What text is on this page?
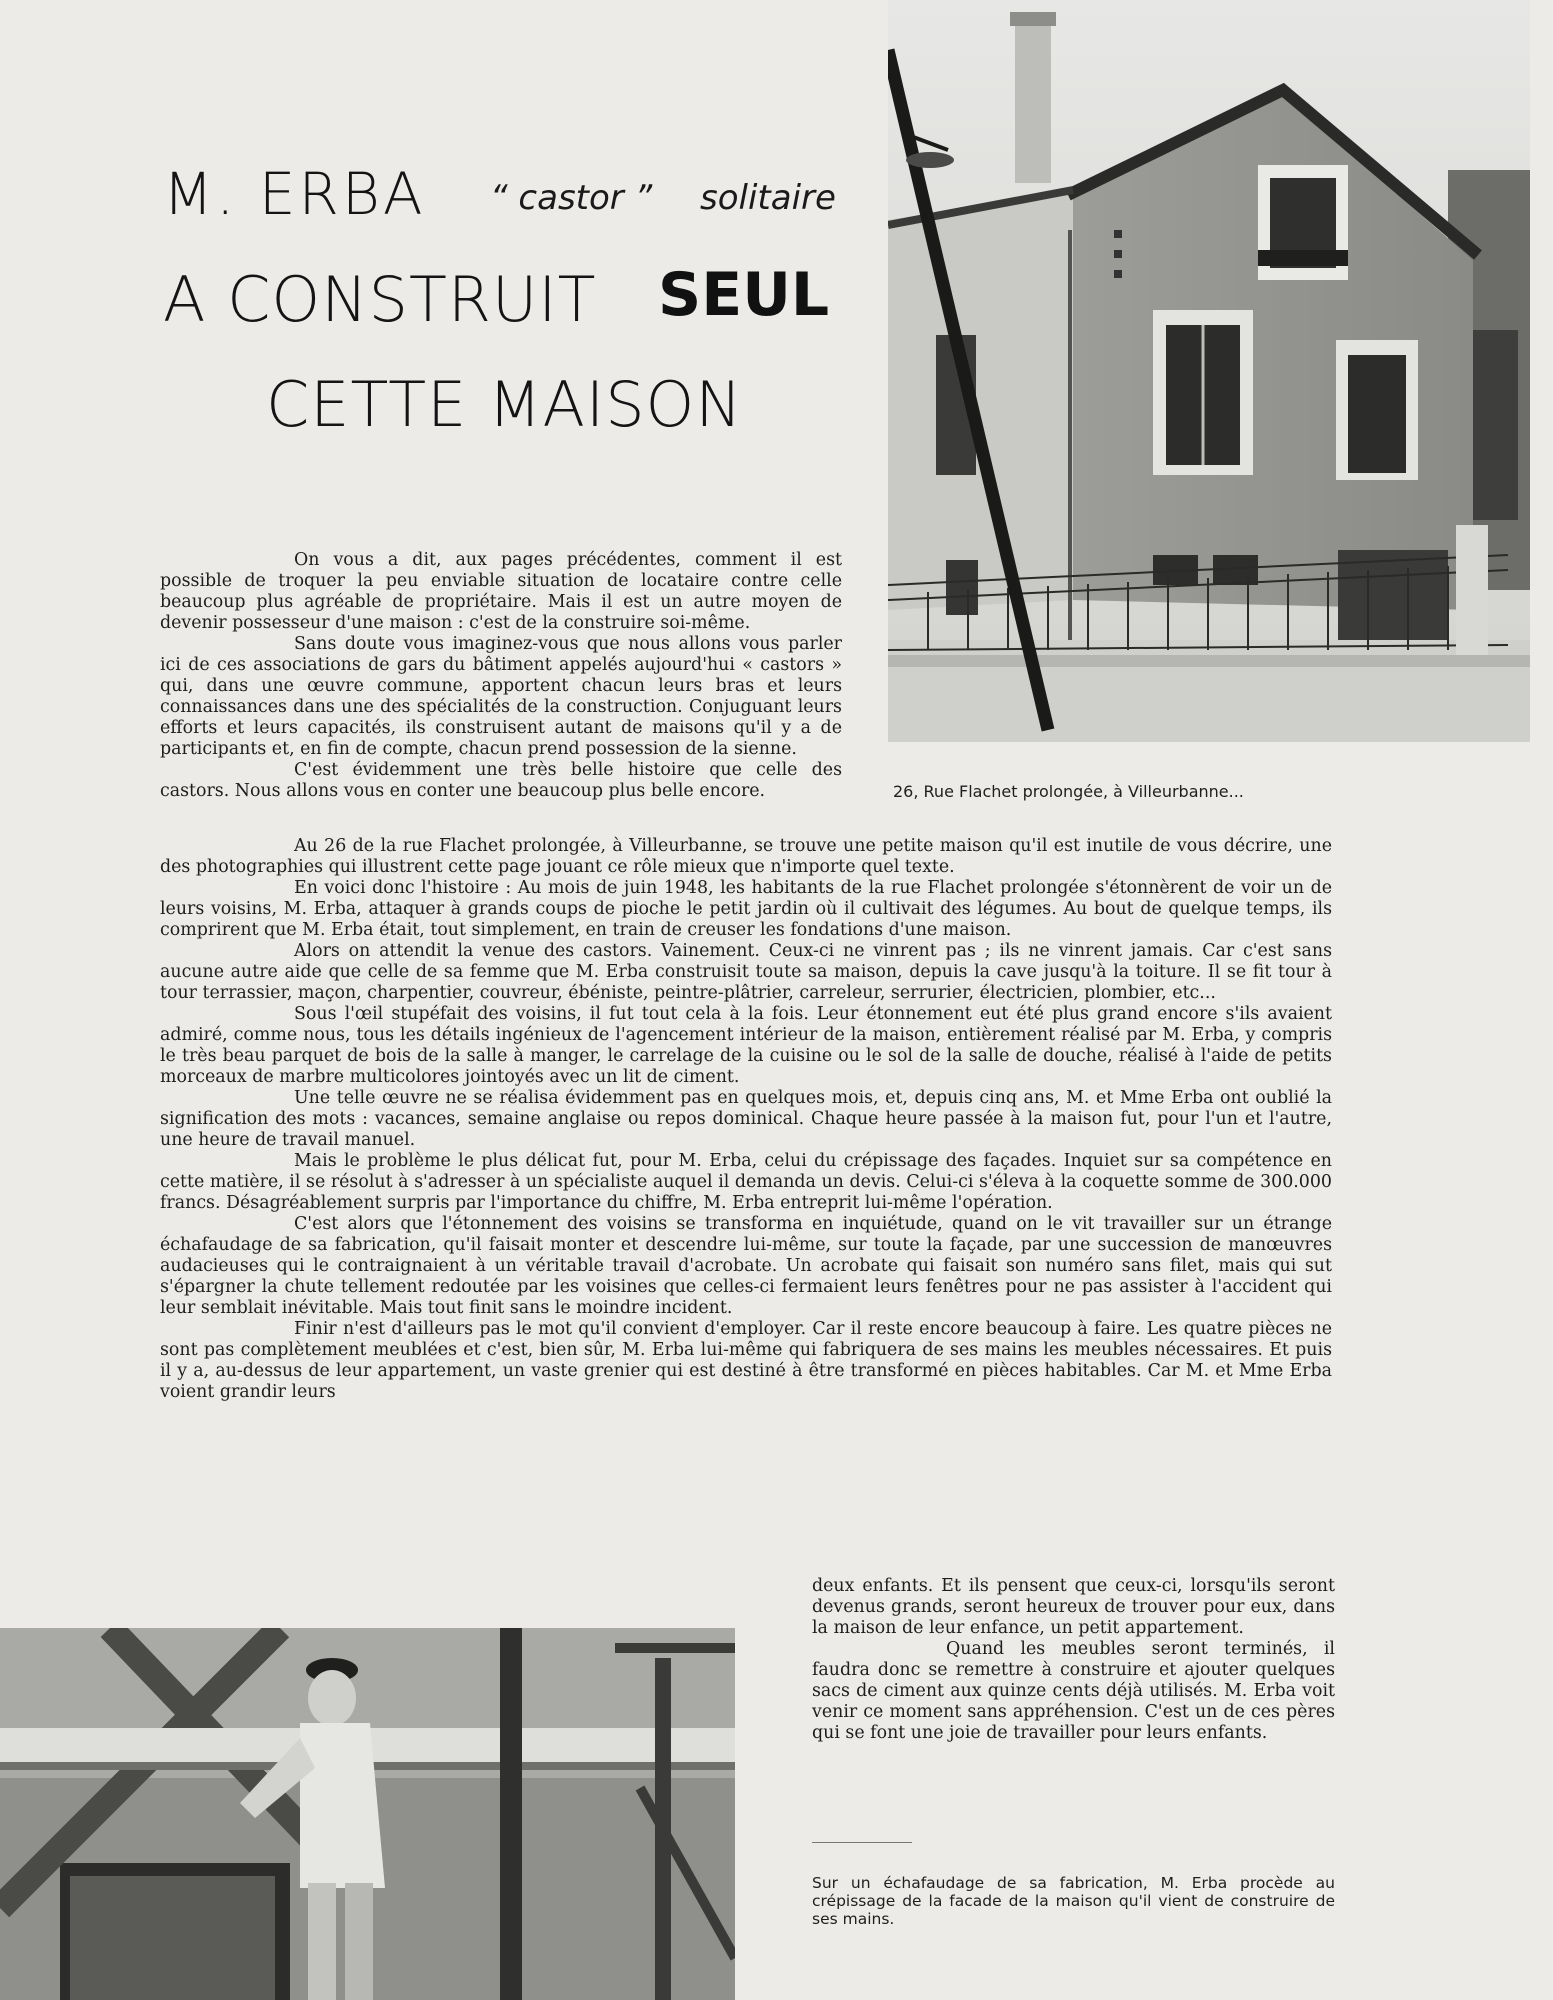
M. ERBA “ castor ” solitaire
A CONSTRUIT SEUL
CETTE MAISON
26, Rue Flachet prolongée, à Villeurbanne...

On vous a dit, aux pages précédentes, comment il est possible de troquer la peu enviable situation de locataire contre celle beaucoup plus agréable de propriétaire. Mais il est un autre moyen de devenir possesseur d'une maison : c'est de la construire soi-même.

Sans doute vous imaginez-vous que nous allons vous parler ici de ces associations de gars du bâtiment appelés aujourd'hui « castors » qui, dans une œuvre commune, apportent chacun leurs bras et leurs connaissances dans une des spécialités de la construction. Conjuguant leurs efforts et leurs capacités, ils construisent autant de maisons qu'il y a de participants et, en fin de compte, chacun prend possession de la sienne.

C'est évidemment une très belle histoire que celle des castors. Nous allons vous en conter une beaucoup plus belle encore.

Au 26 de la rue Flachet prolongée, à Villeurbanne, se trouve une petite maison qu'il est inutile de vous décrire, une des photographies qui illustrent cette page jouant ce rôle mieux que n'importe quel texte.

En voici donc l'histoire : Au mois de juin 1948, les habitants de la rue Flachet prolongée s'étonnèrent de voir un de leurs voisins, M. Erba, attaquer à grands coups de pioche le petit jardin où il cultivait des légumes. Au bout de quelque temps, ils comprirent que M. Erba était, tout simplement, en train de creuser les fondations d'une maison.

Alors on attendit la venue des castors. Vainement. Ceux-ci ne vinrent pas ; ils ne vinrent jamais. Car c'est sans aucune autre aide que celle de sa femme que M. Erba construisit toute sa maison, depuis la cave jusqu'à la toiture. Il se fit tour à tour terrassier, maçon, charpentier, couvreur, ébéniste, peintre-plâtrier, carreleur, serrurier, électricien, plombier, etc...

Sous l'œil stupéfait des voisins, il fut tout cela à la fois. Leur étonnement eut été plus grand encore s'ils avaient admiré, comme nous, tous les détails ingénieux de l'agencement intérieur de la maison, entièrement réalisé par M. Erba, y compris le très beau parquet de bois de la salle à manger, le carrelage de la cuisine ou le sol de la salle de douche, réalisé à l'aide de petits morceaux de marbre multicolores jointoyés avec un lit de ciment.

Une telle œuvre ne se réalisa évidemment pas en quelques mois, et, depuis cinq ans, M. et Mme Erba ont oublié la signification des mots : vacances, semaine anglaise ou repos dominical. Chaque heure passée à la maison fut, pour l'un et l'autre, une heure de travail manuel.

Mais le problème le plus délicat fut, pour M. Erba, celui du crépissage des façades. Inquiet sur sa compétence en cette matière, il se résolut à s'adresser à un spécialiste auquel il demanda un devis. Celui-ci s'éleva à la coquette somme de 300.000 francs. Désagréablement surpris par l'importance du chiffre, M. Erba entreprit lui-même l'opération.

C'est alors que l'étonnement des voisins se transforma en inquiétude, quand on le vit travailler sur un étrange échafaudage de sa fabrication, qu'il faisait monter et descendre lui-même, sur toute la façade, par une succession de manœuvres audacieuses qui le contraignaient à un véritable travail d'acrobate. Un acrobate qui faisait son numéro sans filet, mais qui sut s'épargner la chute tellement redoutée par les voisines que celles-ci fermaient leurs fenêtres pour ne pas assister à l'accident qui leur semblait inévitable. Mais tout finit sans le moindre incident.

Finir n'est d'ailleurs pas le mot qu'il convient d'employer. Car il reste encore beaucoup à faire. Les quatre pièces ne sont pas complètement meublées et c'est, bien sûr, M. Erba lui-même qui fabriquera de ses mains les meubles nécessaires. Et puis il y a, au-dessus de leur appartement, un vaste grenier qui est destiné à être transformé en pièces habitables. Car M. et Mme Erba voient grandir leurs

deux enfants. Et ils pensent que ceux-ci, lorsqu'ils seront devenus grands, seront heureux de trouver pour eux, dans la maison de leur enfance, un petit appartement.

Quand les meubles seront terminés, il faudra donc se remettre à construire et ajouter quelques sacs de ciment aux quinze cents déjà utilisés. M. Erba voit venir ce moment sans appréhension. C'est un de ces pères qui se font une joie de travailler pour leurs enfants.

Sur un échafaudage de sa fabrication, M. Erba procède au crépissage de la facade de la maison qu'il vient de construire de ses mains.
